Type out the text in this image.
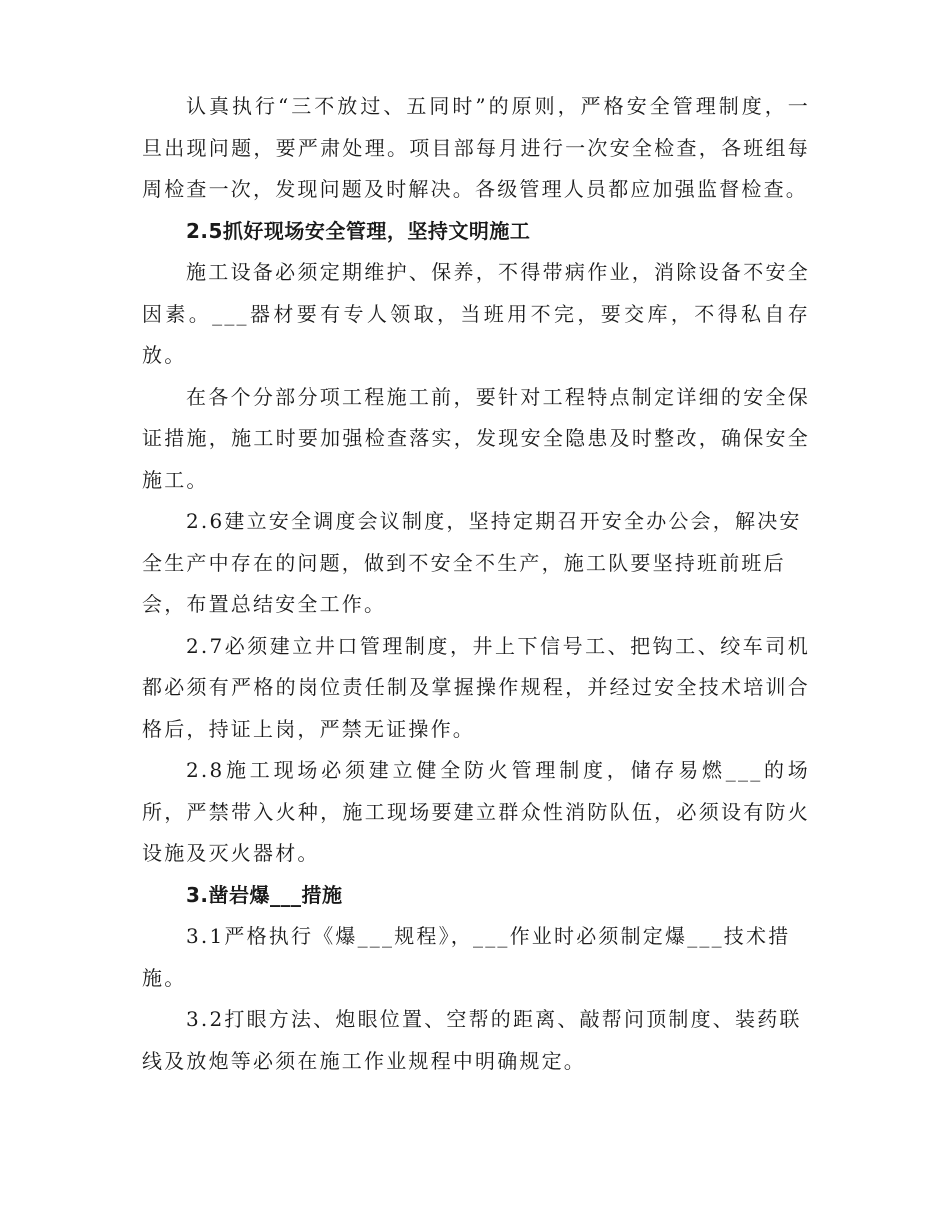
认真执行“三不放过、五同时”的原则，严格安全管理制度，一旦出现问题，要严肃处理。项目部每月进行一次安全检查，各班组每周检查一次，发现问题及时解决。各级管理人员都应加强监督检查。

2.5抓好现场安全管理，坚持文明施工

施工设备必须定期维护、保养，不得带病作业，消除设备不安全因素。___器材要有专人领取，当班用不完，要交库，不得私自存放。

在各个分部分项工程施工前，要针对工程特点制定详细的安全保证措施，施工时要加强检查落实，发现安全隐患及时整改，确保安全施工。

2.6建立安全调度会议制度，坚持定期召开安全办公会，解决安全生产中存在的问题，做到不安全不生产，施工队要坚持班前班后会，布置总结安全工作。

2.7必须建立井口管理制度，井上下信号工、把钩工、绞车司机都必须有严格的岗位责任制及掌握操作规程，并经过安全技术培训合格后，持证上岗，严禁无证操作。

2.8施工现场必须建立健全防火管理制度，储存易燃___的场所，严禁带入火种，施工现场要建立群众性消防队伍，必须设有防火设施及灭火器材。

3.凿岩爆___措施

3.1严格执行《爆___规程》，___作业时必须制定爆___技术措施。

3.2打眼方法、炮眼位置、空帮的距离、敲帮问顶制度、装药联线及放炮等必须在施工作业规程中明确规定。
